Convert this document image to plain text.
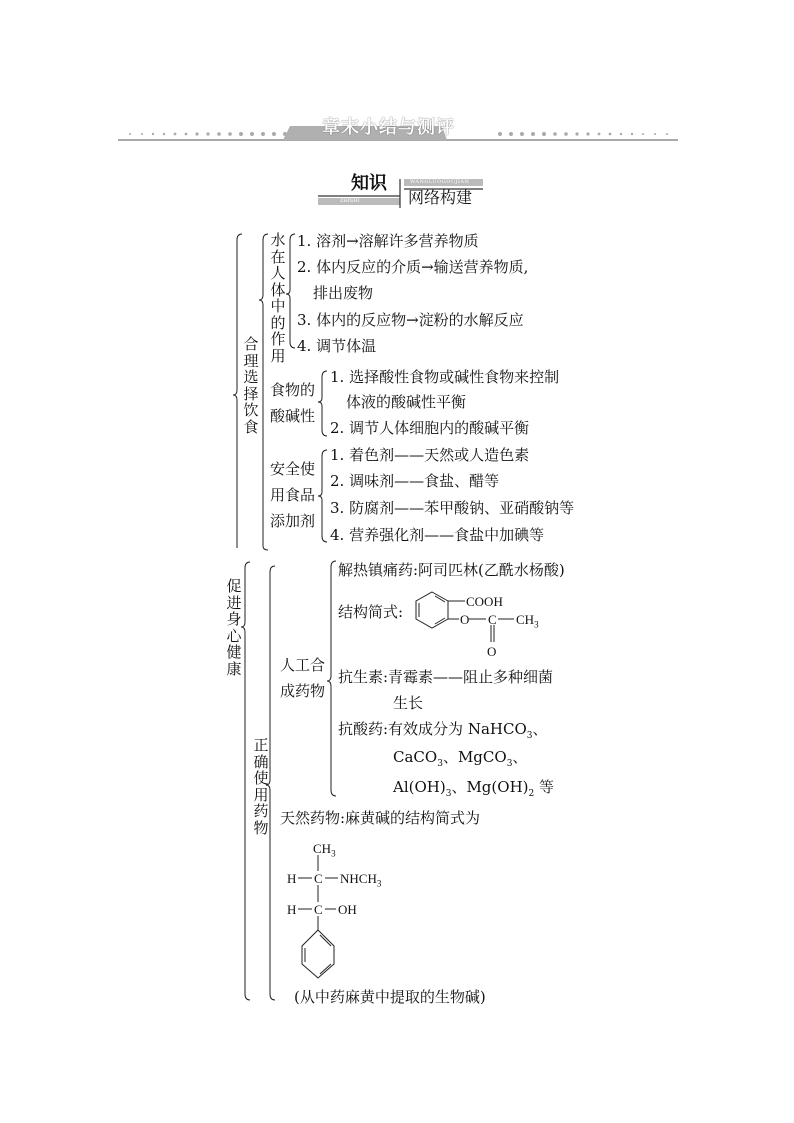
章末小结与测评
知识
ZHISHI
WANGLUOGOUJIAN
网络构建
合理选择饮食
水在人体中的作用
1. 溶剂→溶解许多营养物质
2. 体内反应的介质→输送营养物质,
排出废物
3. 体内的反应物→淀粉的水解反应
4. 调节体温
食物的
酸碱性
1. 选择酸性食物或碱性食物来控制
体液的酸碱性平衡
2. 调节人体细胞内的酸碱平衡
安全使
用食品
添加剂
1. 着色剂——天然或人造色素
2. 调味剂——食盐、醋等
3. 防腐剂——苯甲酸钠、亚硝酸钠等
4. 营养强化剂——食盐中加碘等
促进身心健康
正确使用药物
人工合
成药物
解热镇痛药:阿司匹林(乙酰水杨酸)
结构简式:
COOH
O C $CH_3$
O
抗生素:青霉素——阻止多种细菌
生长
抗酸药:有效成分为 NaHCO$_3$、
CaCO$_3$、MgCO$_3$、
$Al(OH)_3$、$Mg(OH)_2$ 等
天然药物:麻黄碱的结构简式为
$CH_3$
H C $NHCH_3$
H C OH
(从中药麻黄中提取的生物碱)
